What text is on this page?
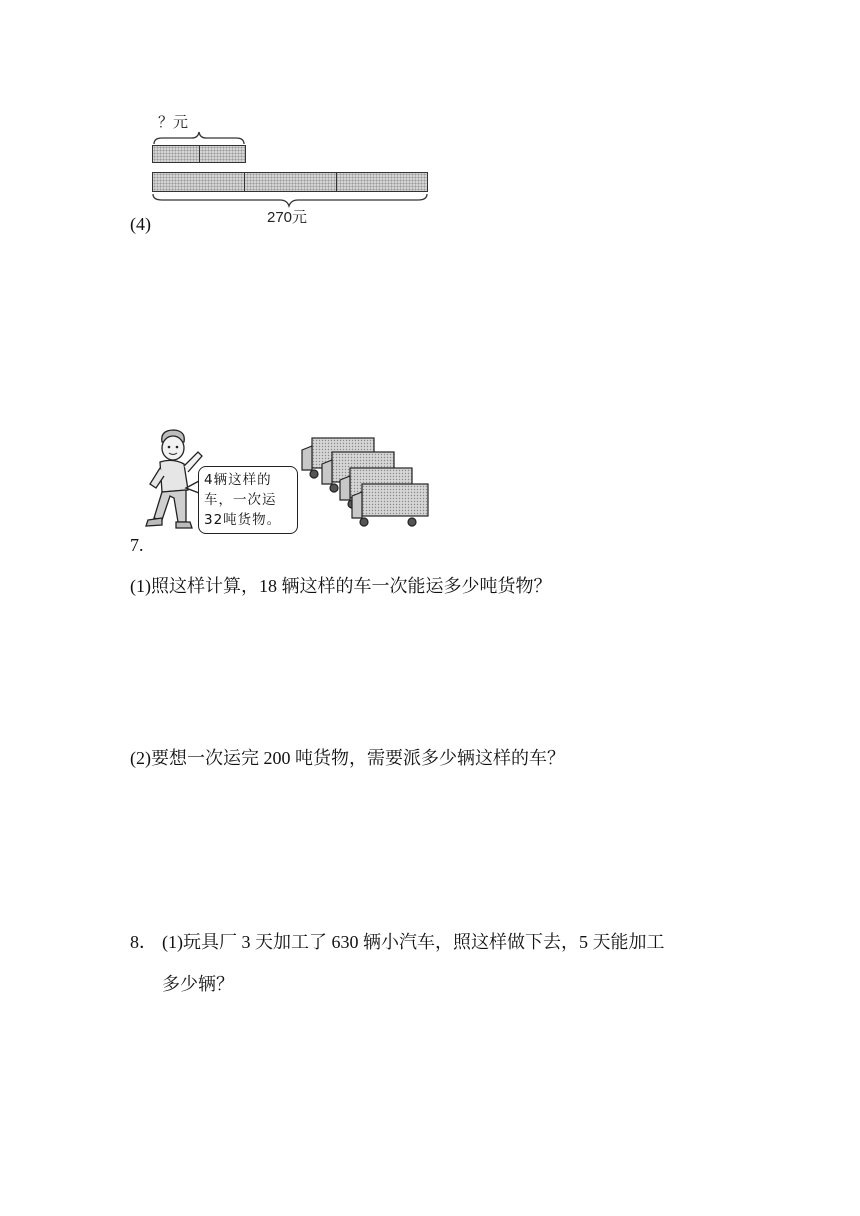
？元
270元
(4)
4辆这样的
车，一次运
32吨货物。
7.
(1)照这样计算，18 辆这样的车一次能运多少吨货物？
(2)要想一次运完 200 吨货物，需要派多少辆这样的车？
8． (1)玩具厂 3 天加工了 630 辆小汽车，照这样做下去，5 天能加工
多少辆？
